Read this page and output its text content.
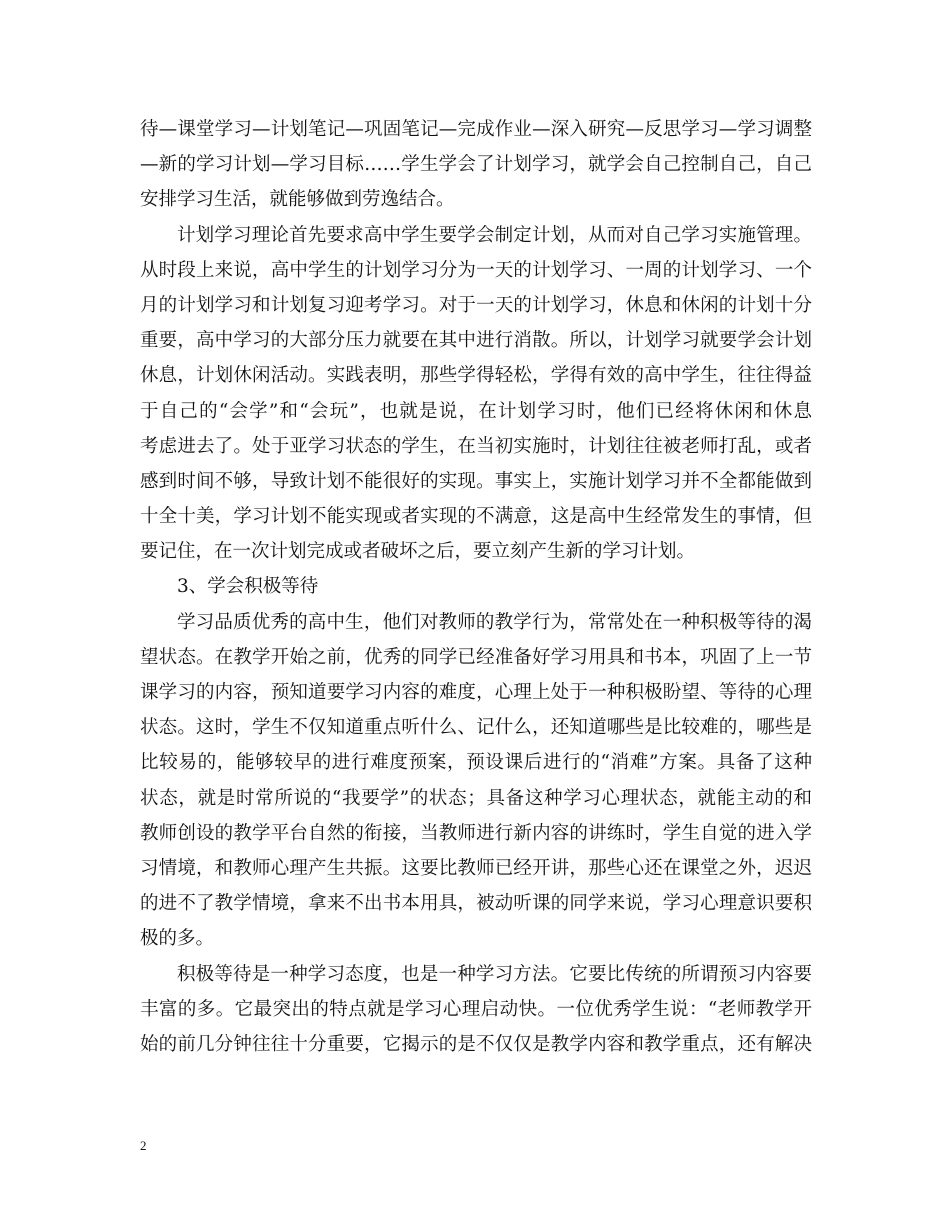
待—课堂学习—计划笔记—巩固笔记—完成作业—深入研究—反思学习—学习调整
—新的学习计划—学习目标……学生学会了计划学习，就学会自己控制自己，自己
安排学习生活，就能够做到劳逸结合。
计划学习理论首先要求高中学生要学会制定计划，从而对自己学习实施管理。
从时段上来说，高中学生的计划学习分为一天的计划学习、一周的计划学习、一个
月的计划学习和计划复习迎考学习。对于一天的计划学习，休息和休闲的计划十分
重要，高中学习的大部分压力就要在其中进行消散。所以，计划学习就要学会计划
休息，计划休闲活动。实践表明，那些学得轻松，学得有效的高中学生，往往得益
于自己的“会学”和“会玩”，也就是说，在计划学习时，他们已经将休闲和休息
考虑进去了。处于亚学习状态的学生，在当初实施时，计划往往被老师打乱，或者
感到时间不够，导致计划不能很好的实现。事实上，实施计划学习并不全都能做到
十全十美，学习计划不能实现或者实现的不满意，这是高中生经常发生的事情，但
要记住，在一次计划完成或者破坏之后，要立刻产生新的学习计划。
3、学会积极等待
学习品质优秀的高中生，他们对教师的教学行为，常常处在一种积极等待的渴
望状态。在教学开始之前，优秀的同学已经准备好学习用具和书本，巩固了上一节
课学习的内容，预知道要学习内容的难度，心理上处于一种积极盼望、等待的心理
状态。这时，学生不仅知道重点听什么、记什么，还知道哪些是比较难的，哪些是
比较易的，能够较早的进行难度预案，预设课后进行的“消难”方案。具备了这种
状态，就是时常所说的“我要学”的状态；具备这种学习心理状态，就能主动的和
教师创设的教学平台自然的衔接，当教师进行新内容的讲练时，学生自觉的进入学
习情境，和教师心理产生共振。这要比教师已经开讲，那些心还在课堂之外，迟迟
的进不了教学情境，拿来不出书本用具，被动听课的同学来说，学习心理意识要积
极的多。
积极等待是一种学习态度，也是一种学习方法。它要比传统的所谓预习内容要
丰富的多。它最突出的特点就是学习心理启动快。一位优秀学生说：“老师教学开
始的前几分钟往往十分重要，它揭示的是不仅仅是教学内容和教学重点，还有解决
2
